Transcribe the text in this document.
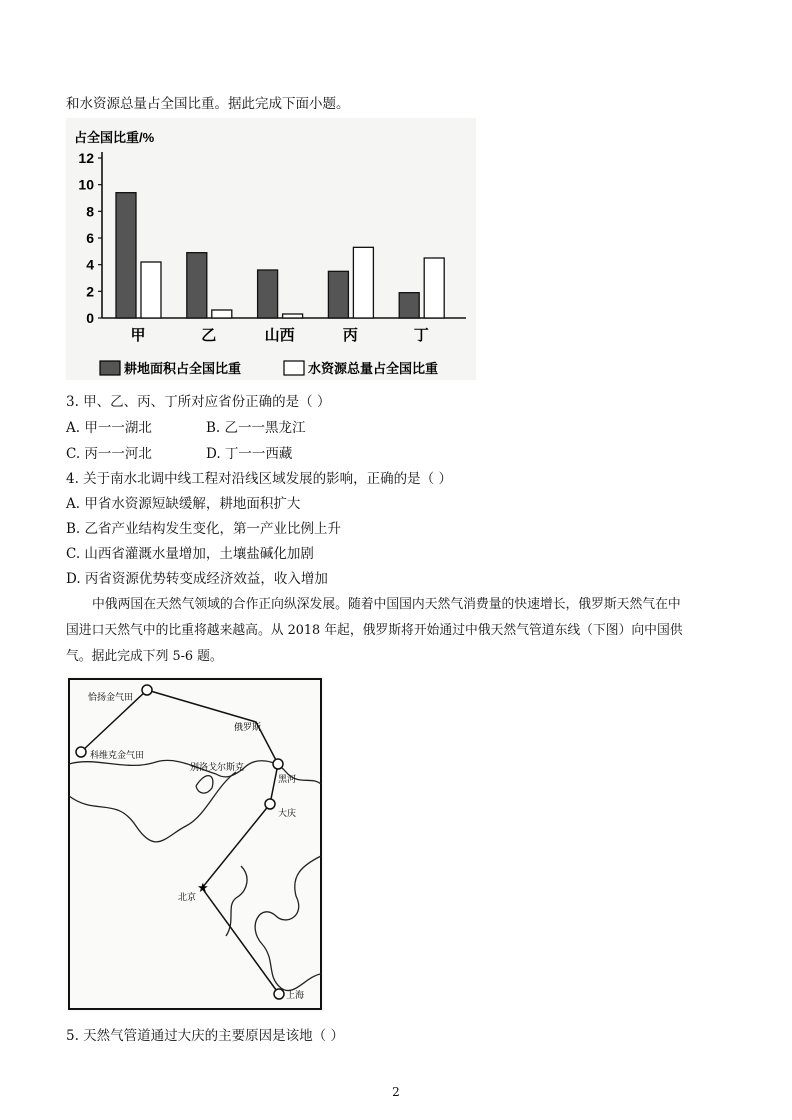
和水资源总量占全国比重。据此完成下面小题。
占全国比重/%
0
2
4
6
8
10
12
甲	乙	山西	丙	丁
耕地面积占全国比重	水资源总量占全国比重
3. 甲、乙、丙、丁所对应省份正确的是（ ）
A. 甲一一湖北	B. 乙一一黑龙江
C. 丙一一河北	D. 丁一一西藏
4. 关于南水北调中线工程对沿线区域发展的影响，正确的是（ ）
A. 甲省水资源短缺缓解，耕地面积扩大
B. 乙省产业结构发生变化，第一产业比例上升
C. 山西省灌溉水量增加，土壤盐碱化加剧
D. 丙省资源优势转变成经济效益，收入增加
中俄两国在天然气领域的合作正向纵深发展。随着中国国内天然气消费量的快速增长，俄罗斯天然气在中
国进口天然气中的比重将越来越高。从 2018 年起，俄罗斯将开始通过中俄天然气管道东线（下图）向中国供
气。据此完成下列 5-6 题。
★
恰扬金气田
科维克金气田
俄罗斯
别洛戈尔斯克
黑河
大庆
北京
上海
5. 天然气管道通过大庆的主要原因是该地（ ）
2
